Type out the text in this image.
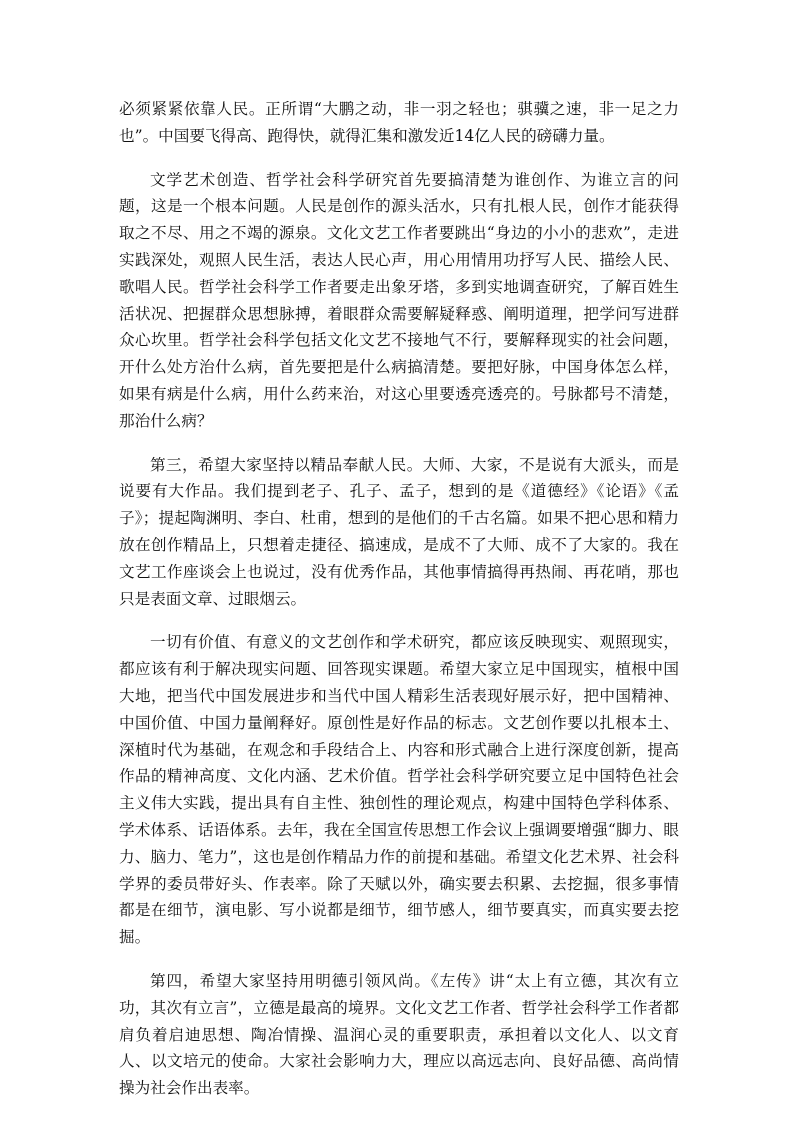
必须紧紧依靠人民。正所谓“大鹏之动，非一羽之轻也；骐骥之速，非一足之力也”。中国要飞得高、跑得快，就得汇集和激发近14亿人民的磅礴力量。

文学艺术创造、哲学社会科学研究首先要搞清楚为谁创作、为谁立言的问题，这是一个根本问题。人民是创作的源头活水，只有扎根人民，创作才能获得取之不尽、用之不竭的源泉。文化文艺工作者要跳出“身边的小小的悲欢”，走进实践深处，观照人民生活，表达人民心声，用心用情用功抒写人民、描绘人民、歌唱人民。哲学社会科学工作者要走出象牙塔，多到实地调查研究，了解百姓生活状况、把握群众思想脉搏，着眼群众需要解疑释惑、阐明道理，把学问写进群众心坎里。哲学社会科学包括文化文艺不接地气不行，要解释现实的社会问题，开什么处方治什么病，首先要把是什么病搞清楚。要把好脉，中国身体怎么样，如果有病是什么病，用什么药来治，对这心里要透亮透亮的。号脉都号不清楚，那治什么病？

第三，希望大家坚持以精品奉献人民。大师、大家，不是说有大派头，而是说要有大作品。我们提到老子、孔子、孟子，想到的是《道德经》《论语》《孟子》；提起陶渊明、李白、杜甫，想到的是他们的千古名篇。如果不把心思和精力放在创作精品上，只想着走捷径、搞速成，是成不了大师、成不了大家的。我在文艺工作座谈会上也说过，没有优秀作品，其他事情搞得再热闹、再花哨，那也只是表面文章、过眼烟云。

一切有价值、有意义的文艺创作和学术研究，都应该反映现实、观照现实，都应该有利于解决现实问题、回答现实课题。希望大家立足中国现实，植根中国大地，把当代中国发展进步和当代中国人精彩生活表现好展示好，把中国精神、中国价值、中国力量阐释好。原创性是好作品的标志。文艺创作要以扎根本土、深植时代为基础，在观念和手段结合上、内容和形式融合上进行深度创新，提高作品的精神高度、文化内涵、艺术价值。哲学社会科学研究要立足中国特色社会主义伟大实践，提出具有自主性、独创性的理论观点，构建中国特色学科体系、学术体系、话语体系。去年，我在全国宣传思想工作会议上强调要增强“脚力、眼力、脑力、笔力”，这也是创作精品力作的前提和基础。希望文化艺术界、社会科学界的委员带好头、作表率。除了天赋以外，确实要去积累、去挖掘，很多事情都是在细节，演电影、写小说都是细节，细节感人，细节要真实，而真实要去挖掘。

第四，希望大家坚持用明德引领风尚。《左传》讲“太上有立德，其次有立功，其次有立言”，立德是最高的境界。文化文艺工作者、哲学社会科学工作者都肩负着启迪思想、陶冶情操、温润心灵的重要职责，承担着以文化人、以文育人、以文培元的使命。大家社会影响力大，理应以高远志向、良好品德、高尚情操为社会作出表率。
